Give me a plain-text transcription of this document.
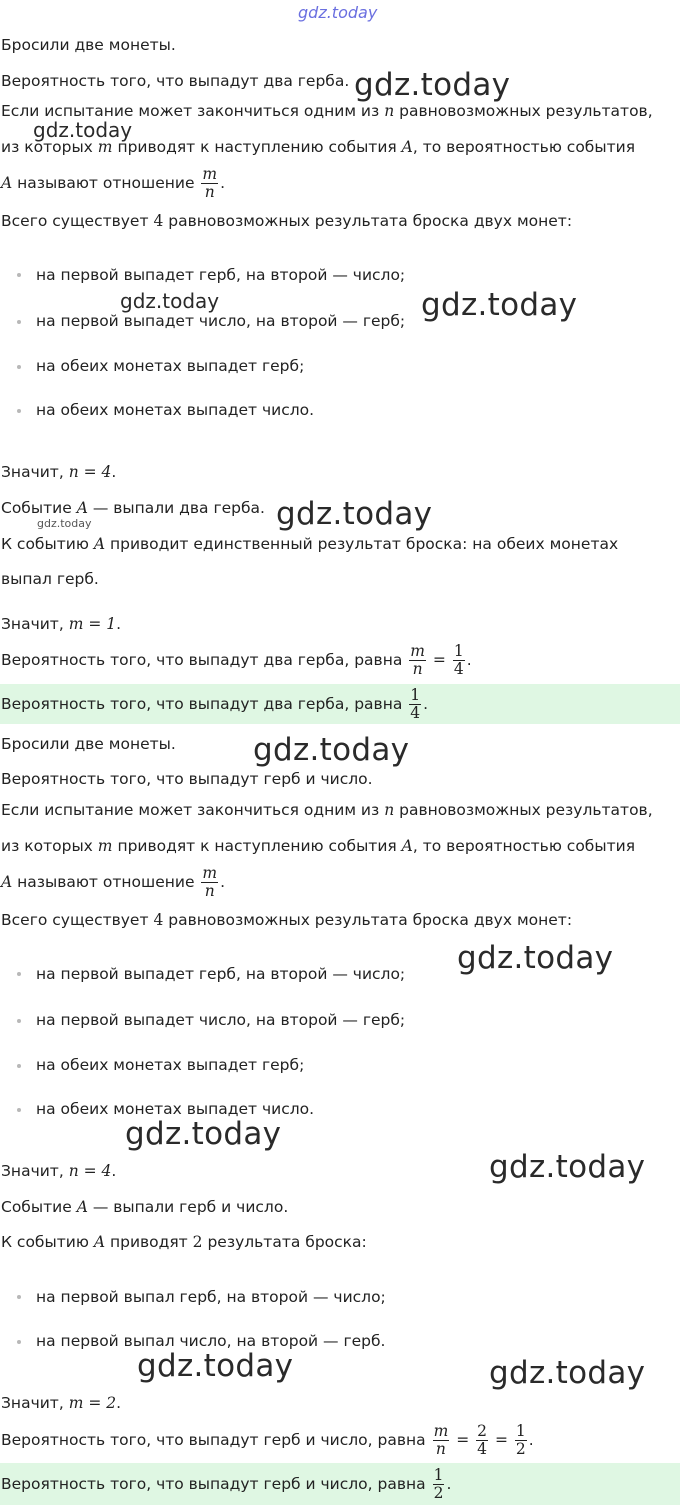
gdz.today
Бросили две монеты.
Вероятность того, что выпадут два герба.
Если испытание может закончиться одним из n равновозможных результатов,
из которых m приводят к наступлению события A, то вероятностью события
A называют отношение $\frac{m}{n}$ .
Всего существует 4 равновозможных результата броска двух монет:
на первой выпадет герб, на второй — число;
на первой выпадет число, на второй — герб;
на обеих монетах выпадет герб;
на обеих монетах выпадет число.
Значит, n = 4.
Событие A — выпали два герба.
К событию A приводит единственный результат броска: на обеих монетах
выпал герб.
Значит, m = 1.
Вероятность того, что выпадут два герба, равна $\frac{m}{n} = \frac{1}{4}$ .
Вероятность того, что выпадут два герба, равна $\frac{1}{4}$ .
Бросили две монеты.
Вероятность того, что выпадут герб и число.
Если испытание может закончиться одним из n равновозможных результатов,
из которых m приводят к наступлению события A, то вероятностью события
A называют отношение $\frac{m}{n}$ .
Всего существует 4 равновозможных результата броска двух монет:
на первой выпадет герб, на второй — число;
на первой выпадет число, на второй — герб;
на обеих монетах выпадет герб;
на обеих монетах выпадет число.
Значит, n = 4.
Событие A — выпали герб и число.
К событию A приводят 2 результата броска:
на первой выпал герб, на второй — число;
на первой выпал число, на второй — герб.
Значит, m = 2.
Вероятность того, что выпадут герб и число, равна $\frac{m}{n} = \frac{2}{4} = \frac{1}{2}$ .
Вероятность того, что выпадут герб и число, равна $\frac{1}{2}$ .
gdz.today
gdz.today
gdz.today	gdz.today
gdz.today
gdz.today
gdz.today
gdz.today
gdz.today
gdz.today
gdz.today	gdz.today
